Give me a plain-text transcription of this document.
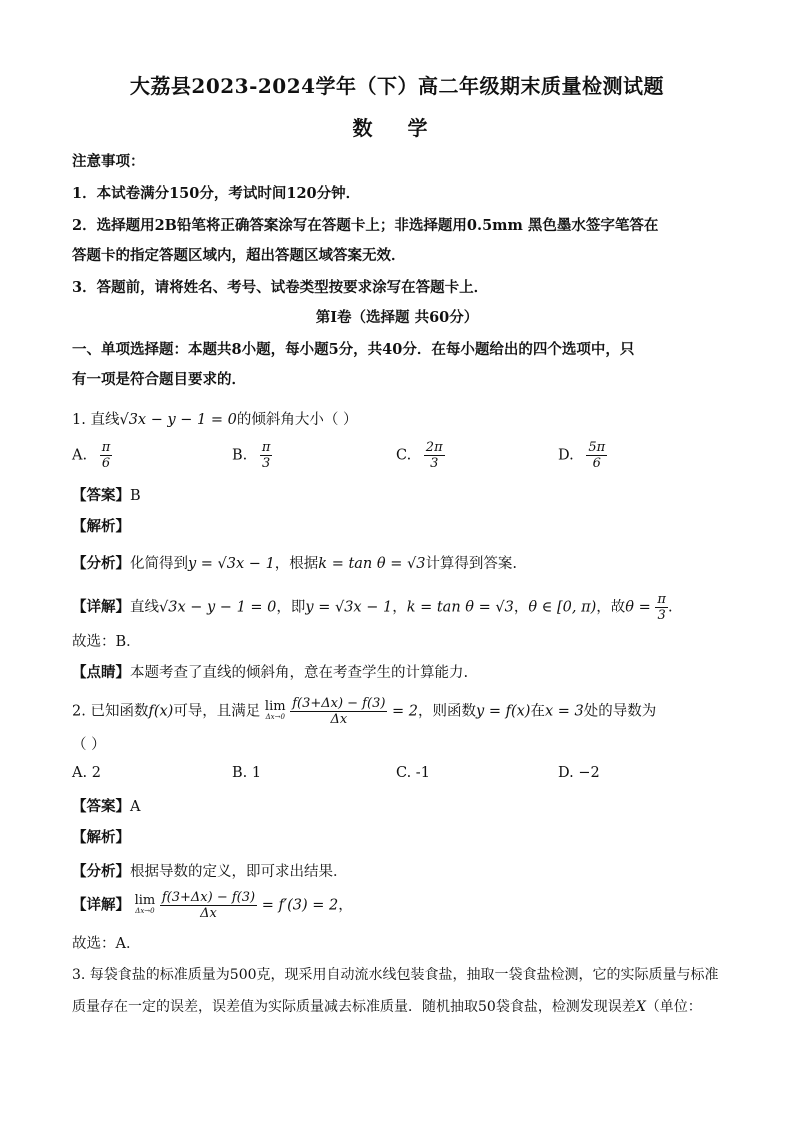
大荔县2023-2024学年（下）高二年级期末质量检测试题
数 学
注意事项：
1．本试卷满分150分，考试时间120分钟．
2．选择题用2B铅笔将正确答案涂写在答题卡上；非选择题用0.5mm 黑色墨水签字笔答在
答题卡的指定答题区域内，超出答题区域答案无效．
3．答题前，请将姓名、考号、试卷类型按要求涂写在答题卡上．
第Ⅰ卷（选择题 共60分）
一、单项选择题：本题共8小题，每小题5分，共40分．在每小题给出的四个选项中，只
有一项是符合题目要求的．
1. 直线√3x − y − 1 = 0的倾斜角大小（ ）
A. $\frac{\pi}{6}$	B. $\frac{\pi}{3}$	C. $\frac{2\pi}{3}$	D. $\frac{5\pi}{6}$
【答案】B
【解析】
【分析】化简得到y = √3x − 1，根据k = tan θ = √3计算得到答案.
【详解】直线√3x − y − 1 = 0，即y = √3x − 1，k = tan θ = √3，θ ∈ [0, π)，故$\theta = \frac{\pi}{3}$ .
故选：B．
【点睛】本题考查了直线的倾斜角，意在考查学生的计算能力.
2. 已知函数f(x)可导，且满足 lim
Δx→0
$\frac{f(3+\Delta x) - f(3)}{\Delta x} = 2$，则函数y = f(x)在x = 3处的导数为
（ ）
A. 2	B. 1	C. -1	D. −2
【答案】A
【解析】
【分析】根据导数的定义，即可求出结果．
【详解】 lim
Δx→0
$\frac{f(3+\Delta x) - f(3)}{\Delta x} = f'(3) = 2$，
故选：A．
3. 每袋食盐的标准质量为500克，现采用自动流水线包装食盐，抽取一袋食盐检测，它的实际质量与标准
质量存在一定的误差，误差值为实际质量减去标准质量．随机抽取50袋食盐，检测发现误差X（单位：
